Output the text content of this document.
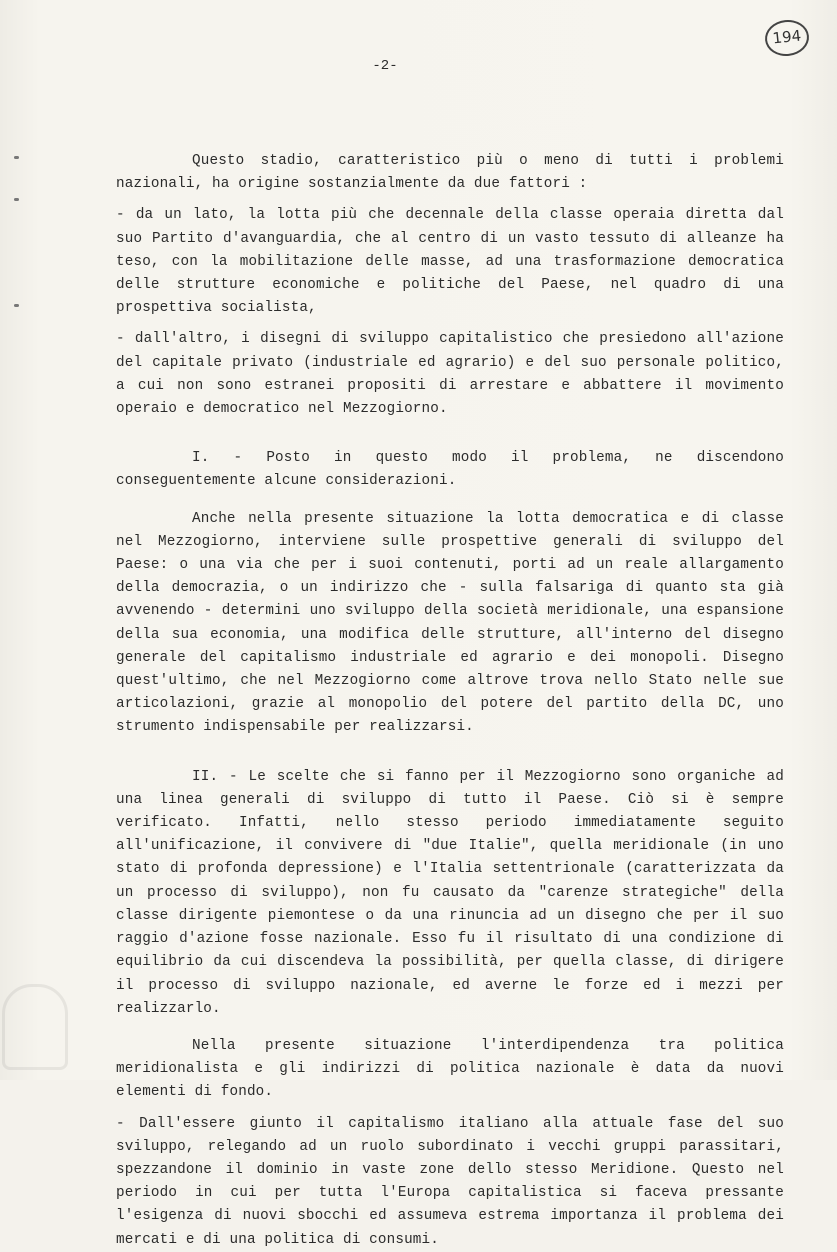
194
-2-

Questo stadio, caratteristico più o meno di tutti i problemi nazionali, ha origine sostanzialmente da due fattori :

- da un lato, la lotta più che decennale della classe operaia diretta dal suo Partito d'avanguardia, che al centro di un vasto tessuto di alleanze ha teso, con la mobilitazione delle masse, ad una trasformazione democratica delle strutture economiche e politiche del Paese, nel quadro di una prospettiva socialista,

- dall'altro, i disegni di sviluppo capitalistico che presiedono all'azione del capitale privato (industriale ed agrario) e del suo personale politico, a cui non sono estranei propositi di arrestare e abbattere il movimento operaio e democratico nel Mezzogiorno.

I. - Posto in questo modo il problema, ne discendono conseguentemente alcune considerazioni.

Anche nella presente situazione la lotta democratica e di classe nel Mezzogiorno, interviene sulle prospettive generali di sviluppo del Paese: o una via che per i suoi contenuti, porti ad un reale allargamento della democrazia, o un indirizzo che - sulla falsariga di quanto sta già avvenendo - determini uno sviluppo della società meridionale, una espansione della sua economia, una modifica delle strutture, all'interno del disegno generale del capitalismo industriale ed agrario e dei monopoli. Disegno quest'ultimo, che nel Mezzogiorno come altrove trova nello Stato nelle sue articolazioni, grazie al monopolio del potere del partito della DC, uno strumento indispensabile per realizzarsi.

II. - Le scelte che si fanno per il Mezzogiorno sono organiche ad una linea generali di sviluppo di tutto il Paese. Ciò si è sempre verificato. Infatti, nello stesso periodo immediatamente seguito all'unificazione, il convivere di "due Italie", quella meridionale (in uno stato di profonda depressione) e l'Italia settentrionale (caratterizzata da un processo di sviluppo), non fu causato da "carenze strategiche" della classe dirigente piemontese o da una rinuncia ad un disegno che per il suo raggio d'azione fosse nazionale. Esso fu il risultato di una condizione di equilibrio da cui discendeva la possibilità, per quella classe, di dirigere il processo di sviluppo nazionale, ed averne le forze ed i mezzi per realizzarlo.

Nella presente situazione l'interdipendenza tra politica meridionalista e gli indirizzi di politica nazionale è data da nuovi elementi di fondo.

- Dall'essere giunto il capitalismo italiano alla attuale fase del suo sviluppo, relegando ad un ruolo subordinato i vecchi gruppi parassitari, spezzandone il dominio in vaste zone dello stesso Meridione. Questo nel periodo in cui per tutta l'Europa capitalistica si faceva pressante l'esigenza di nuovi sbocchi ed assumeva estrema importanza il problema dei mercati e di una politica di consumi.
